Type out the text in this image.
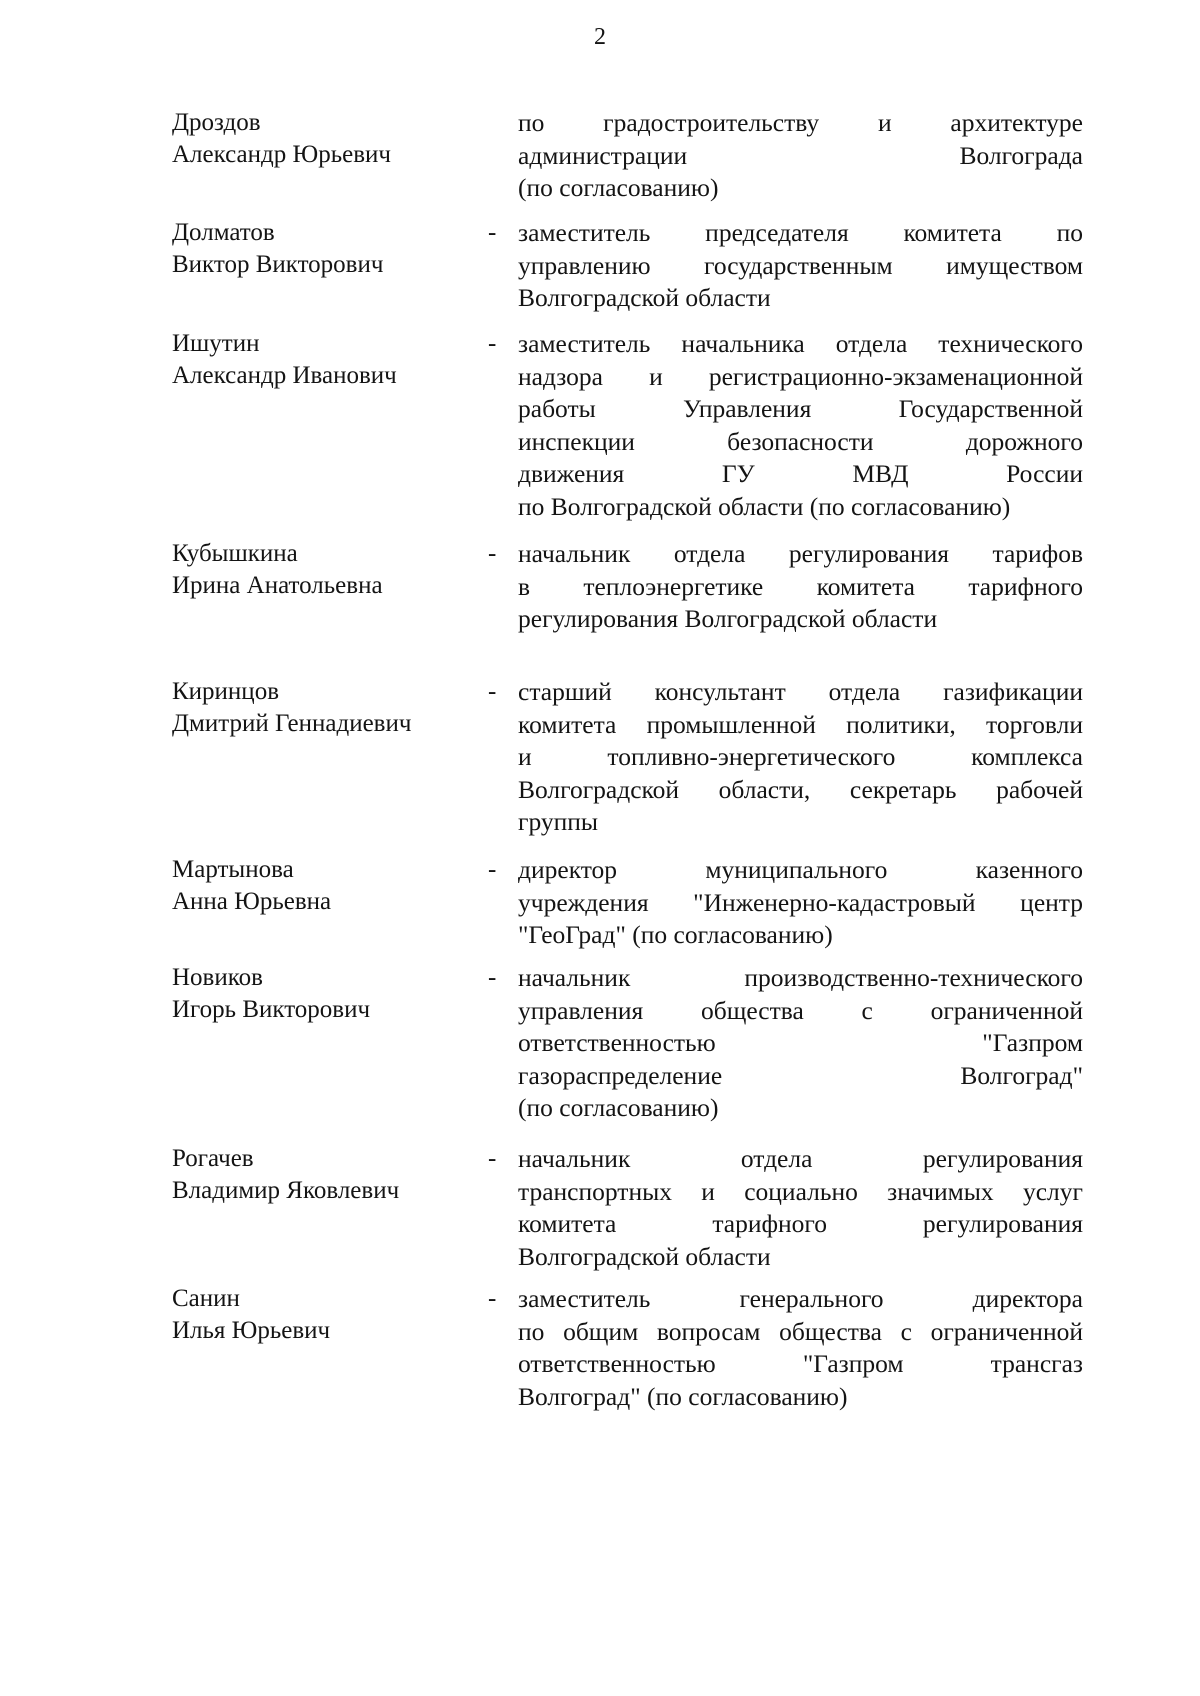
2
Дроздов
Александр Юрьевич
по градостроительству и архитектуре
администрации Волгограда
(по согласованию)
Долматов
Виктор Викторович
- заместитель председателя комитета по
управлению государственным имуществом
Волгоградской области
Ишутин
Александр Иванович
- заместитель начальника отдела технического
надзора и регистрационно-экзаменационной
работы Управления Государственной
инспекции безопасности дорожного
движения ГУ МВД России
по Волгоградской области (по согласованию)
Кубышкина
Ирина Анатольевна
- начальник отдела регулирования тарифов
в теплоэнергетике комитета тарифного
регулирования Волгоградской области
Киринцов
Дмитрий Геннадиевич
- старший консультант отдела газификации
комитета промышленной политики, торговли
и топливно-энергетического комплекса
Волгоградской области, секретарь рабочей
группы
Мартынова
Анна Юрьевна
- директор муниципального казенного
учреждения "Инженерно-кадастровый центр
"ГеоГрад" (по согласованию)
Новиков
Игорь Викторович
- начальник производственно-технического
управления общества с ограниченной
ответственностью "Газпром
газораспределение Волгоград"
(по согласованию)
Рогачев
Владимир Яковлевич
- начальник отдела регулирования
транспортных и социально значимых услуг
комитета тарифного регулирования
Волгоградской области
Санин
Илья Юрьевич
- заместитель генерального директора
по общим вопросам общества с ограниченной
ответственностью "Газпром трансгаз
Волгоград" (по согласованию)
